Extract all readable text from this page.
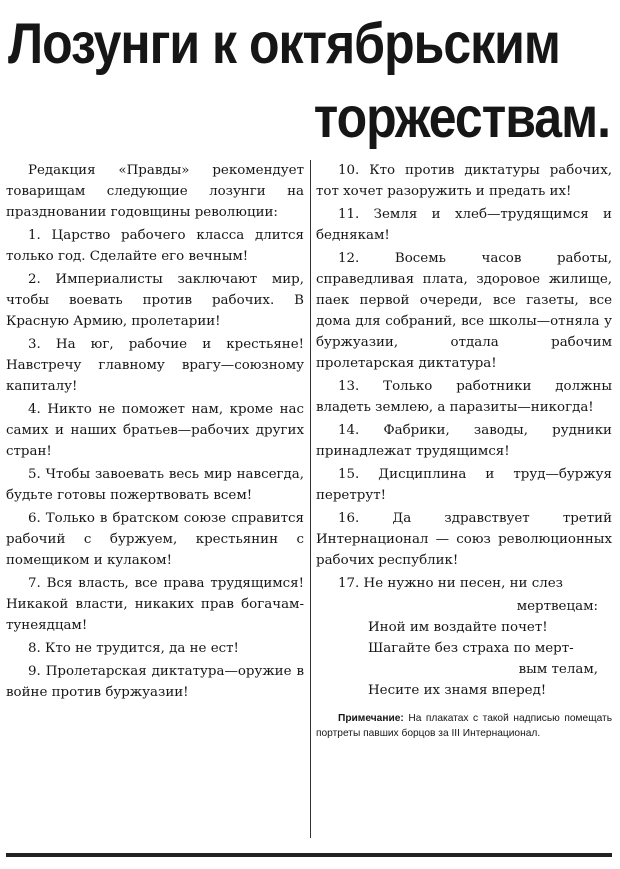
Лозунги к октябрьским
торжествам.

Редакция «Правды» рекомендует товарищам следующие лозунги на праздновании годовщины революции:

1. Царство рабочего класса длится только год. Сделайте его вечным!

2. Империалисты заключают мир, чтобы воевать против рабочих. В Красную Армию, пролетарии!

3. На юг, рабочие и крестьяне! Навстречу главному врагу—союзному капиталу!

4. Никто не поможет нам, кроме нас самих и наших братьев—рабочих других стран!

5. Чтобы завоевать весь мир навсегда, будьте готовы пожертвовать всем!

6. Только в братском союзе справится рабочий с буржуем, крестьянин с помещиком и кулаком!

7. Вся власть, все права трудящимся! Никакой власти, никаких прав богачам-тунеядцам!

8. Кто не трудится, да не ест!

9. Пролетарская диктатура—оружие в войне против буржуазии!

10. Кто против диктатуры рабочих, тот хочет разоружить и предать их!

11. Земля и хлеб—трудящимся и беднякам!

12. Восемь часов работы, справедливая плата, здоровое жилище, паек первой очереди, все газеты, все дома для собраний, все школы—отняла у буржуазии, отдала рабочим пролетарская диктатура!

13. Только работники должны владеть землею, а паразиты—никогда!

14. Фабрики, заводы, рудники принадлежат трудящимся!

15. Дисциплина и труд—буржуя перетрут!

16. Да здравствует третий Интернационал — союз революционных рабочих республик!

17. Не нужно ни песен, ни слез

мертвецам:
Иной им воздайте почет!
Шагайте без страха по мерт-
вым телам,
Несите их знамя вперед!
Примечание: На плакатах с такой надписью помещать портреты павших борцов за III Интернационал.
